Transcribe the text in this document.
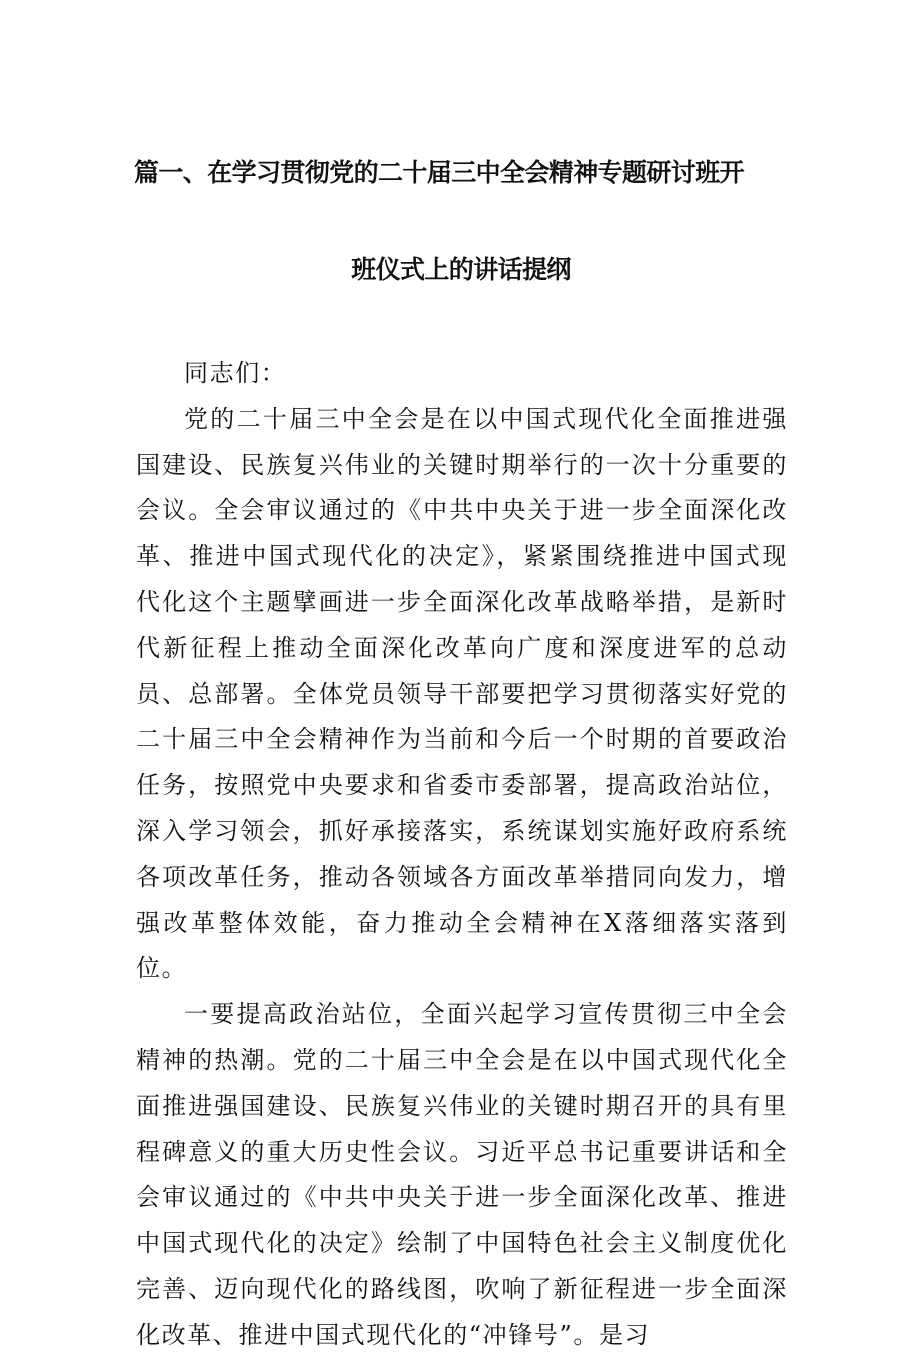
篇一、在学习贯彻党的二十届三中全会精神专题研讨班开
班仪式上的讲话提纲

同志们：

党的二十届三中全会是在以中国式现代化全面推进强国建设、民族复兴伟业的关键时期举行的一次十分重要的会议。全会审议通过的《中共中央关于进一步全面深化改革、推进中国式现代化的决定》，紧紧围绕推进中国式现代化这个主题擘画进一步全面深化改革战略举措，是新时代新征程上推动全面深化改革向广度和深度进军的总动员、总部署。全体党员领导干部要把学习贯彻落实好党的二十届三中全会精神作为当前和今后一个时期的首要政治任务，按照党中央要求和省委市委部署，提高政治站位，深入学习领会，抓好承接落实，系统谋划实施好政府系统各项改革任务，推动各领域各方面改革举措同向发力，增强改革整体效能，奋力推动全会精神在X落细落实落到位。

一要提高政治站位，全面兴起学习宣传贯彻三中全会精神的热潮。党的二十届三中全会是在以中国式现代化全面推进强国建设、民族复兴伟业的关键时期召开的具有里程碑意义的重大历史性会议。习近平总书记重要讲话和全会审议通过的《中共中央关于进一步全面深化改革、推进中国式现代化的决定》绘制了中国特色社会主义制度优化完善、迈向现代化的路线图，吹响了新征程进一步全面深化改革、推进中国式现代化的“冲锋号”。是习
